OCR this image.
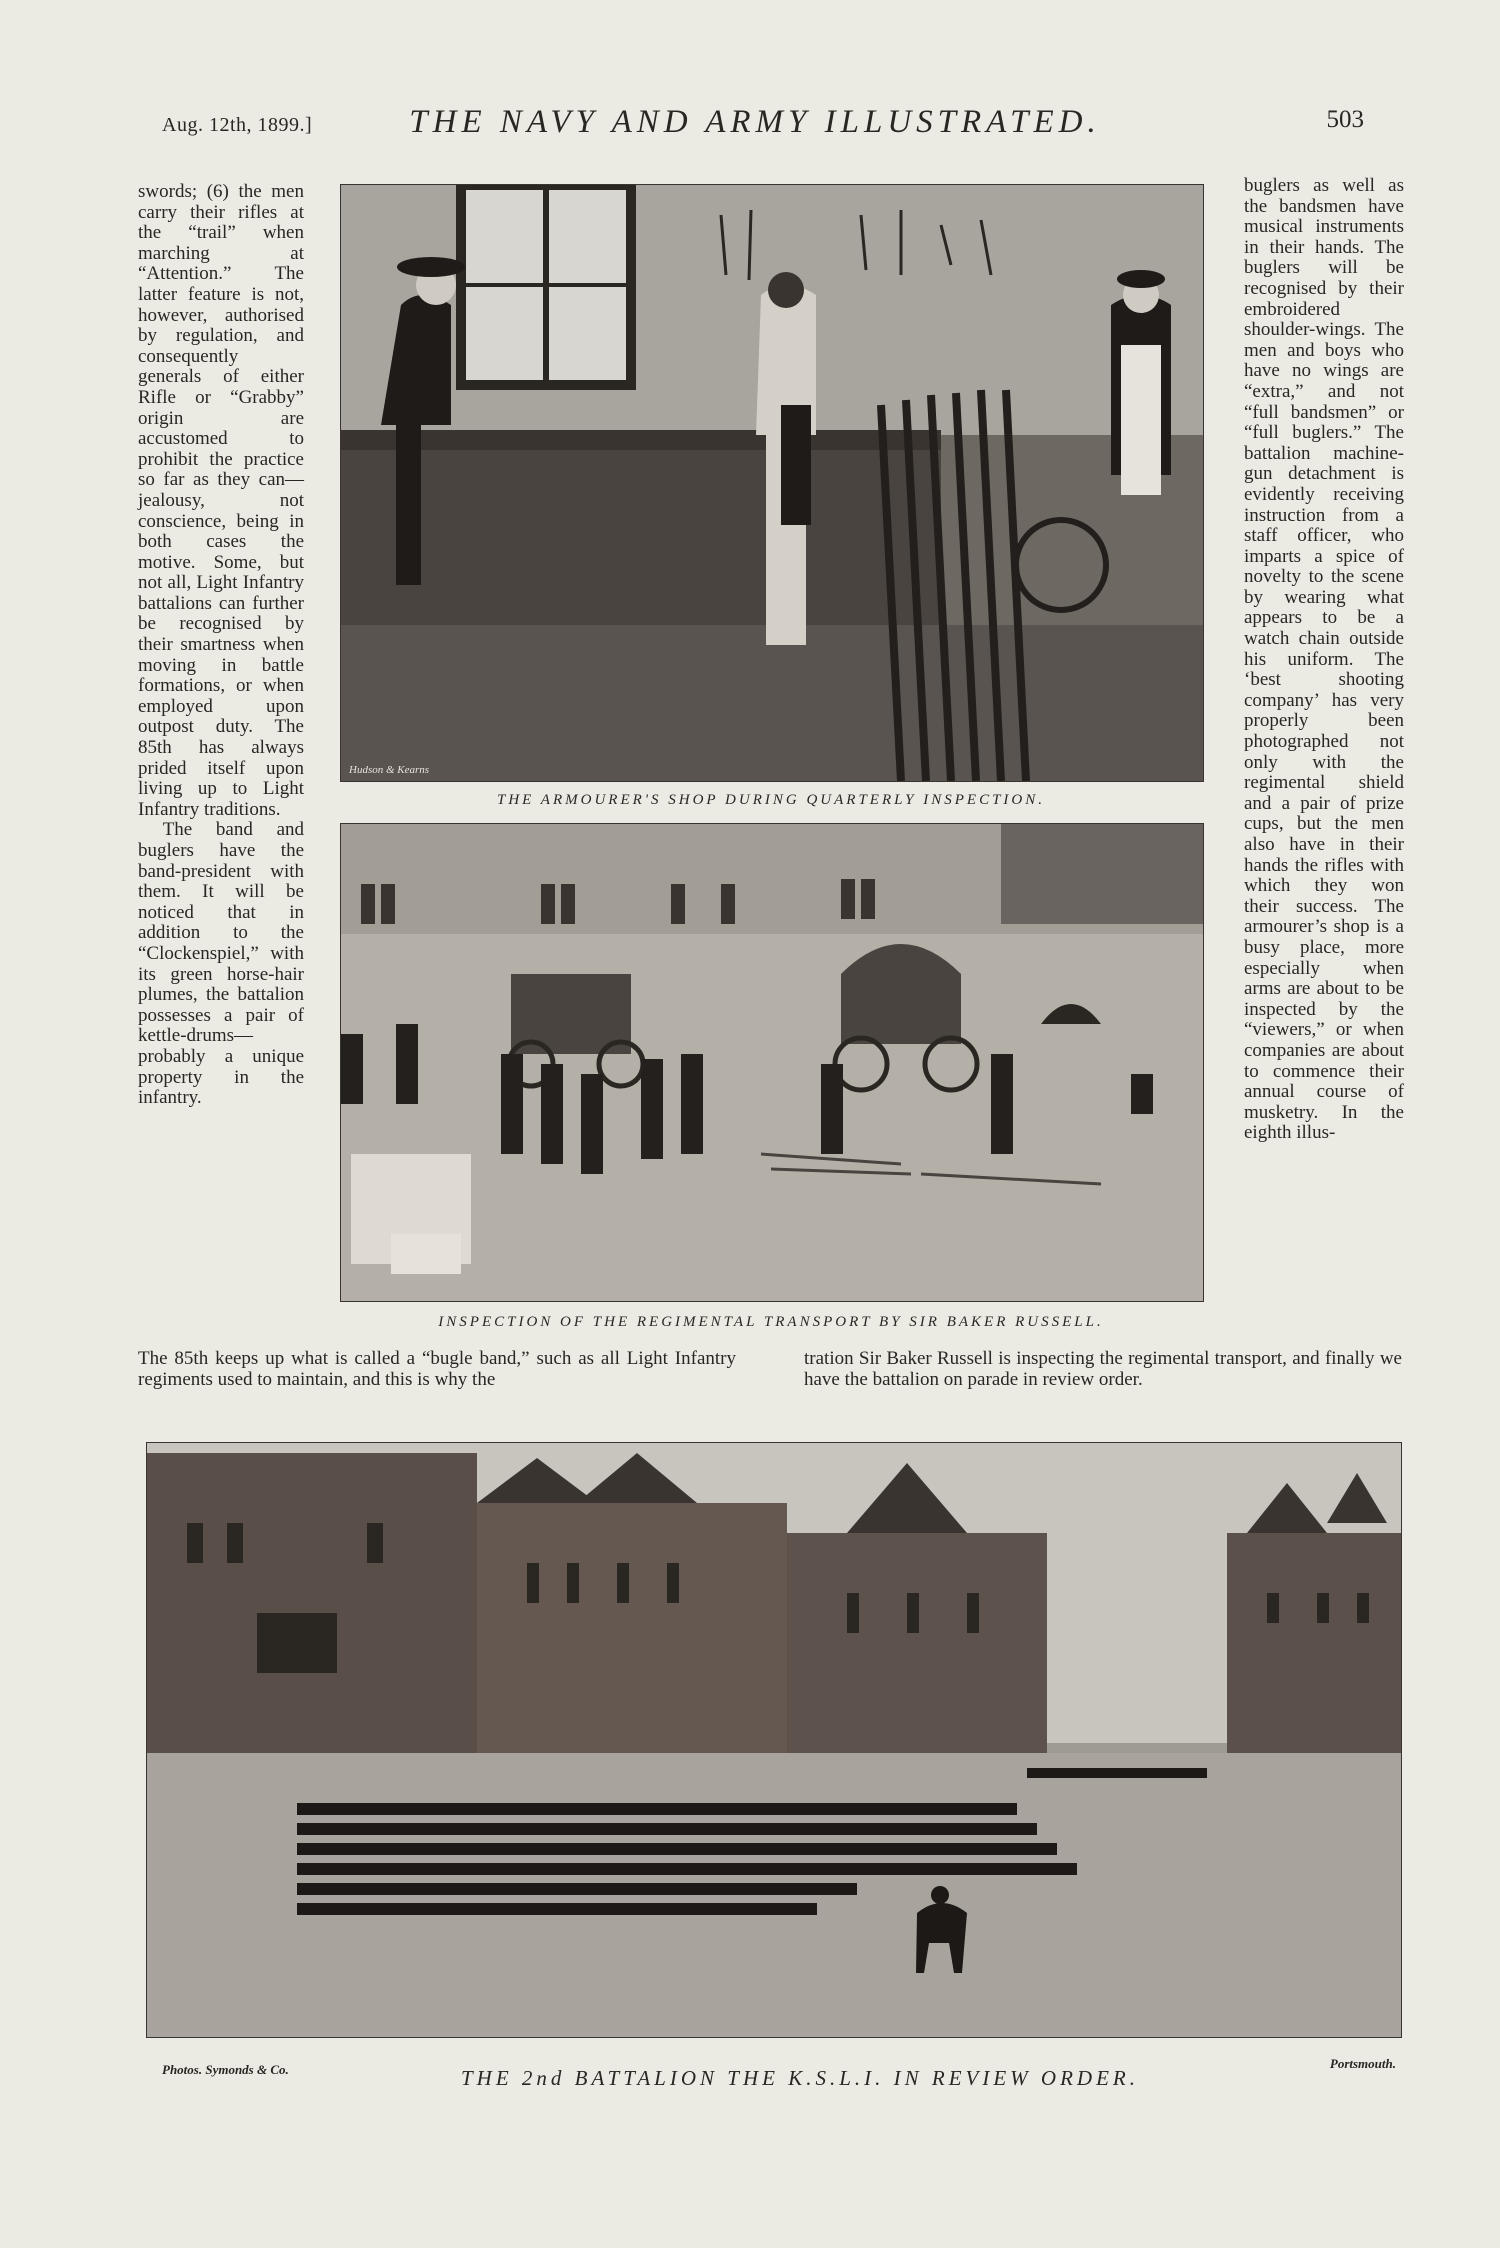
Aug. 12th, 1899.]	THE NAVY AND ARMY ILLUSTRATED.	503

swords; (6) the men carry their rifles at the “trail” when marching at “Attention.” The latter feature is not, however, authorised by regulation, and consequently generals of either Rifle or “Grabby” origin are accustomed to prohibit the practice so far as they can—jealousy, not conscience, being in both cases the motive. Some, but not all, Light Infantry battalions can further be recognised by their smartness when moving in battle formations, or when employed upon outpost duty. The 85th has always prided itself upon living up to Light Infantry traditions.

The band and buglers have the band-president with them. It will be noticed that in addition to the “Clockenspiel,” with its green horse-hair plumes, the battalion possesses a pair of kettle-drums—probably a unique property in the infantry.

buglers as well as the bandsmen have musical instruments in their hands. The buglers will be recognised by their embroidered shoulder-wings. The men and boys who have no wings are “extra,” and not “full bandsmen” or “full buglers.” The battalion machine-gun detachment is evidently receiving instruction from a staff officer, who imparts a spice of novelty to the scene by wearing what appears to be a watch chain outside his uniform. The ‘best shooting company’ has very properly been photographed not only with the regimental shield and a pair of prize cups, but the men also have in their hands the rifles with which they won their success. The armourer’s shop is a busy place, more especially when arms are about to be inspected by the “viewers,” or when companies are about to commence their annual course of musketry. In the eighth illus-

The 85th keeps up what is called a “bugle band,” such as all Light Infantry regiments used to maintain, and this is why the

tration Sir Baker Russell is inspecting the regimental transport, and finally we have the battalion on parade in review order.

Hudson & Kearns
THE ARMOURER'S SHOP DURING QUARTERLY INSPECTION.
INSPECTION OF THE REGIMENTAL TRANSPORT BY SIR BAKER RUSSELL.
THE 2nd BATTALION THE K.S.L.I. IN REVIEW ORDER.
Photos. Symonds & Co.	Portsmouth.
